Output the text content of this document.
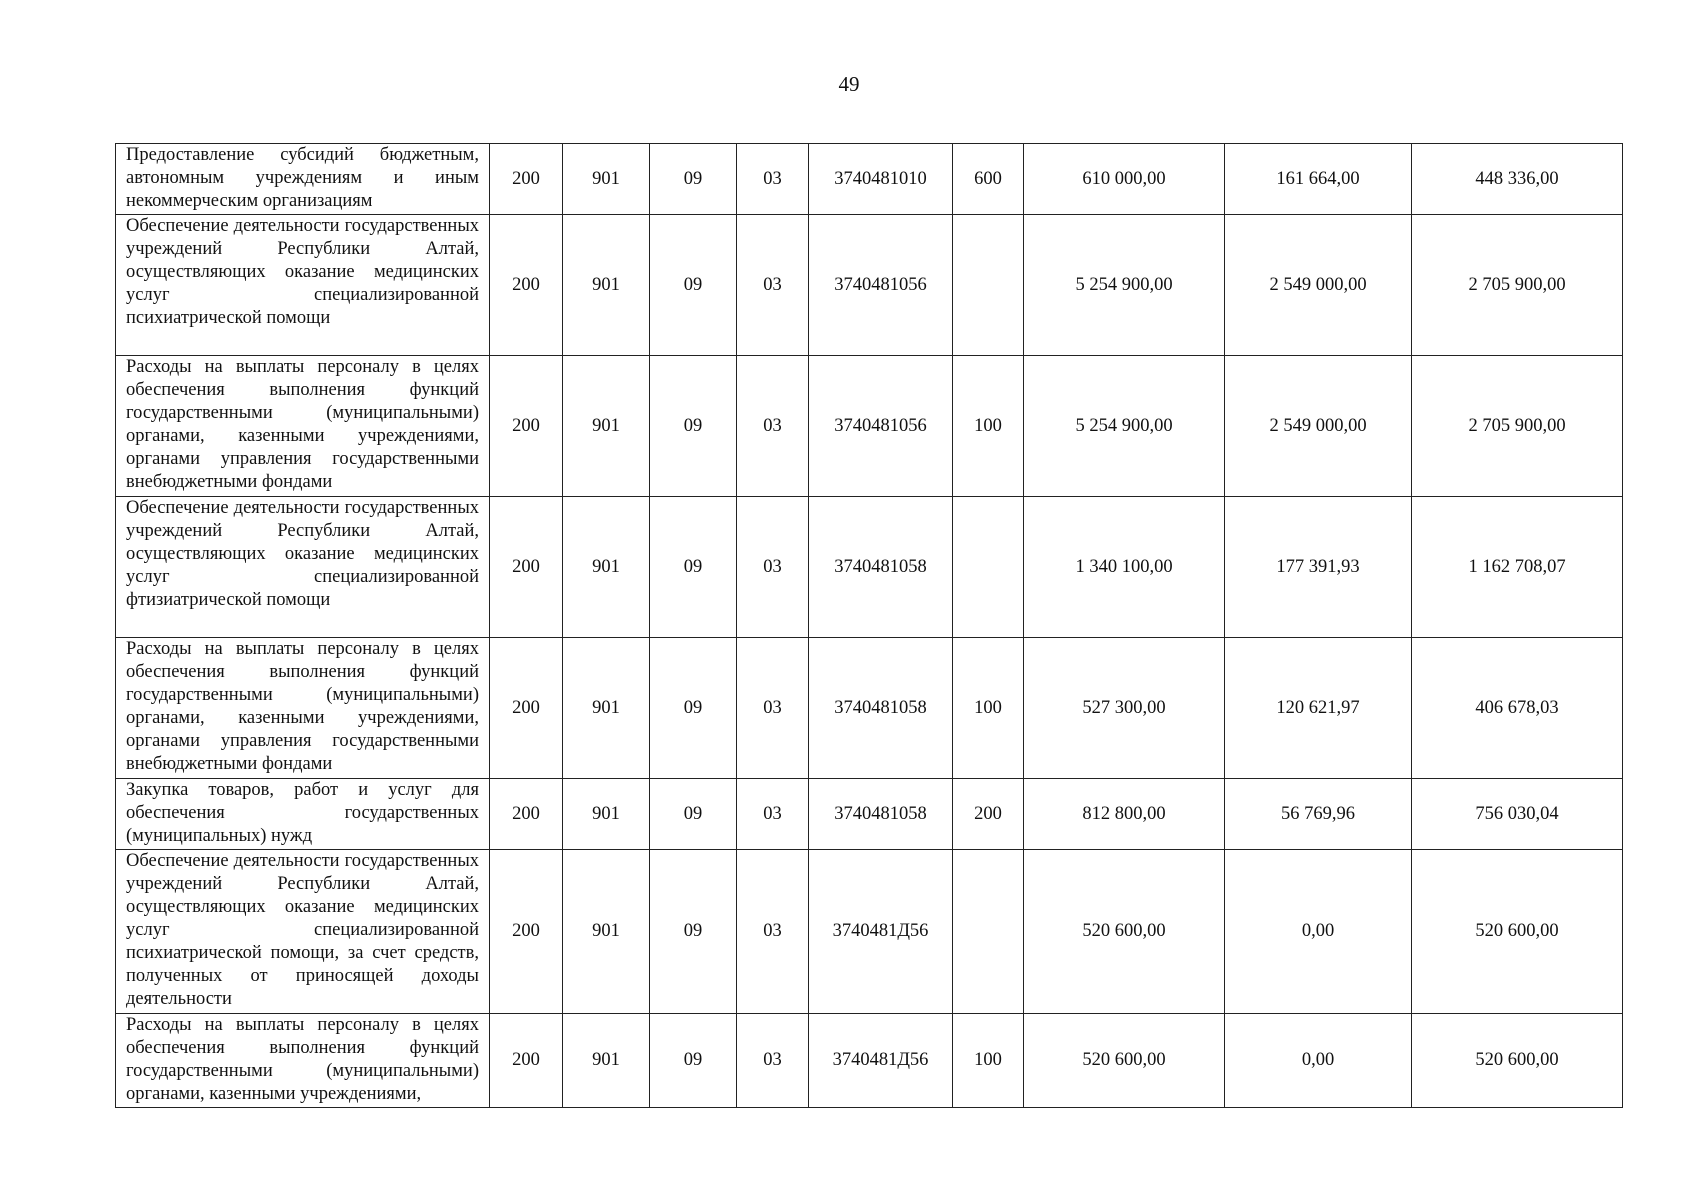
49
Предоставление субсидий бюджетным, автономным учреждениям и иным некоммерческим организациям	200	901	09	03	3740481010	600	610 000,00	161 664,00	448 336,00
Обеспечение деятельности государственных учреждений Республики Алтай, осуществляющих оказание медицинских услуг специализированной психиатрической помощи	200	901	09	03	3740481056		5 254 900,00	2 549 000,00	2 705 900,00
Расходы на выплаты персоналу в целях обеспечения выполнения функций государственными (муниципальными) органами, казенными учреждениями, органами управления государственными внебюджетными фондами	200	901	09	03	3740481056	100	5 254 900,00	2 549 000,00	2 705 900,00
Обеспечение деятельности государственных учреждений Республики Алтай, осуществляющих оказание медицинских услуг специализированной фтизиатрической помощи	200	901	09	03	3740481058		1 340 100,00	177 391,93	1 162 708,07
Расходы на выплаты персоналу в целях обеспечения выполнения функций государственными (муниципальными) органами, казенными учреждениями, органами управления государственными внебюджетными фондами	200	901	09	03	3740481058	100	527 300,00	120 621,97	406 678,03
Закупка товаров, работ и услуг для обеспечения государственных (муниципальных) нужд	200	901	09	03	3740481058	200	812 800,00	56 769,96	756 030,04
Обеспечение деятельности государственных учреждений Республики Алтай, осуществляющих оказание медицинских услуг специализированной психиатрической помощи, за счет средств, полученных от приносящей доходы деятельности	200	901	09	03	3740481Д56		520 600,00	0,00	520 600,00
Расходы на выплаты персоналу в целях обеспечения выполнения функций государственными (муниципальными) органами, казенными учреждениями,	200	901	09	03	3740481Д56	100	520 600,00	0,00	520 600,00
